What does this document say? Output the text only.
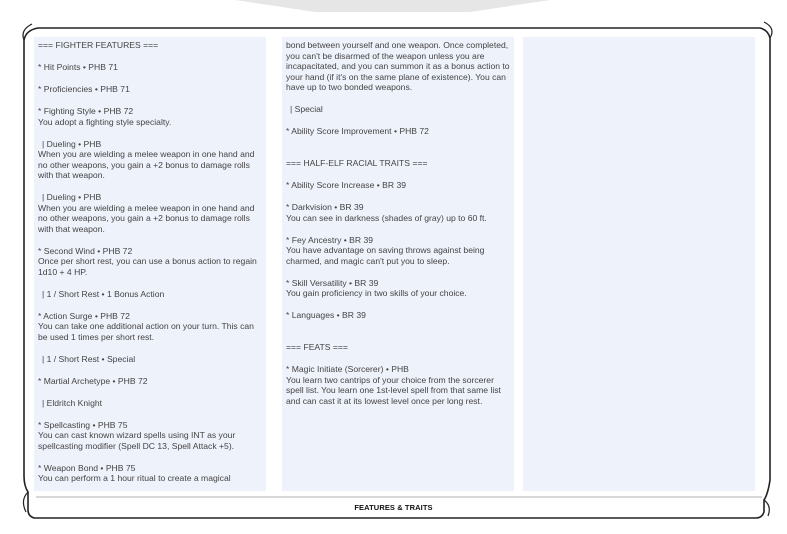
=== FIGHTER FEATURES ===
* Hit Points • PHB 71
* Proficiencies • PHB 71
* Fighting Style • PHB 72
You adopt a fighting style specialty.
| Dueling • PHB
When you are wielding a melee weapon in one hand and no other weapons, you gain a +2 bonus to damage rolls with that weapon.
| Dueling • PHB
When you are wielding a melee weapon in one hand and no other weapons, you gain a +2 bonus to damage rolls with that weapon.
* Second Wind • PHB 72
Once per short rest, you can use a bonus action to regain 1d10 + 4 HP.
| 1 / Short Rest • 1 Bonus Action
* Action Surge • PHB 72
You can take one additional action on your turn. This can be used 1 times per short rest.
| 1 / Short Rest • Special
* Martial Archetype • PHB 72
| Eldritch Knight
* Spellcasting • PHB 75
You can cast known wizard spells using INT as your spellcasting modifier (Spell DC 13, Spell Attack +5).
* Weapon Bond • PHB 75
You can perform a 1 hour ritual to create a magical
bond between yourself and one weapon. Once completed, you can't be disarmed of the weapon unless you are incapacitated, and you can summon it as a bonus action to your hand (if it's on the same plane of existence). You can have up to two bonded weapons.
| Special
* Ability Score Improvement • PHB 72
=== HALF-ELF RACIAL TRAITS ===
* Ability Score Increase • BR 39
* Darkvision • BR 39
You can see in darkness (shades of gray) up to 60 ft.
* Fey Ancestry • BR 39
You have advantage on saving throws against being charmed, and magic can't put you to sleep.
* Skill Versatility • BR 39
You gain proficiency in two skills of your choice.
* Languages • BR 39
=== FEATS ===
* Magic Initiate (Sorcerer) • PHB
You learn two cantrips of your choice from the sorcerer spell list. You learn one 1st-level spell from that same list and can cast it at its lowest level once per long rest.
FEATURES & TRAITS
